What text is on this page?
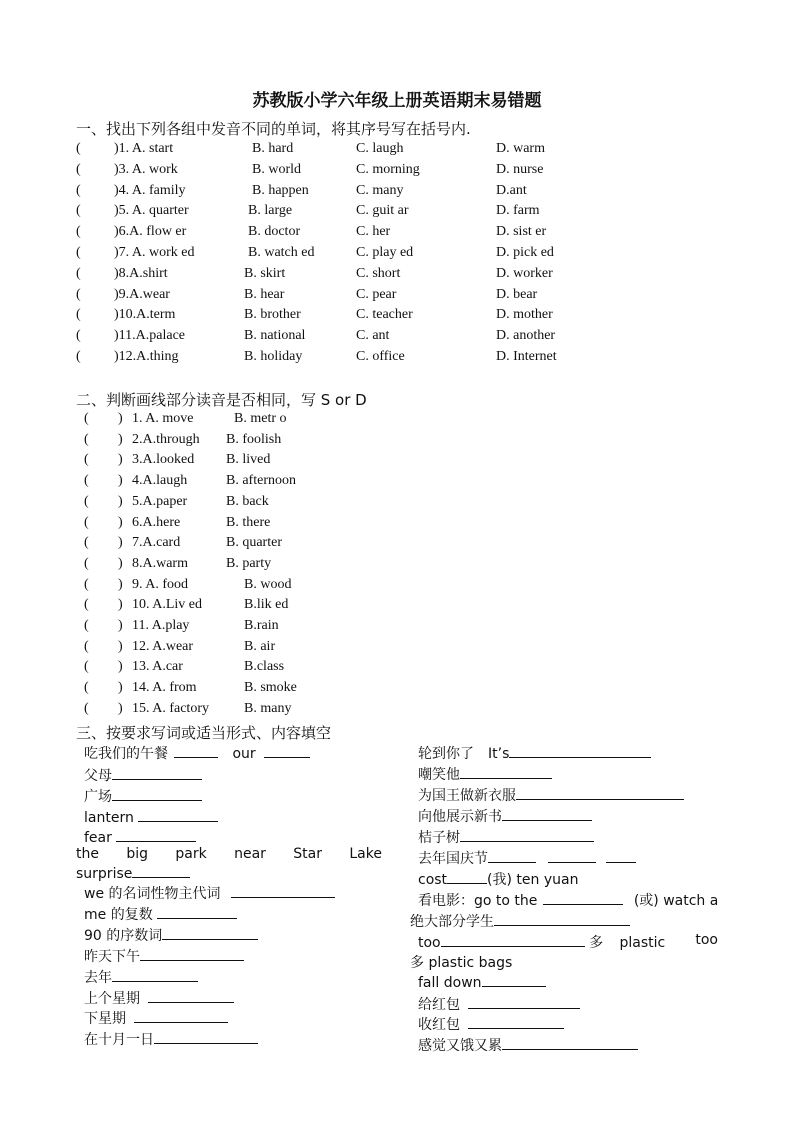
苏教版小学六年级上册英语期末易错题
一、找出下列各组中发音不同的单词，将其序号写在括号内.
( )1. A. start	B. hard	C. laugh	D. warm
( )3. A. work	B. world	C. morning	D. nurse
( )4. A. family	B. happen	C. many	D.ant
( )5. A. quarter	B. large	C. guit ar	D. farm
( )6.A. flow er	B. doctor	C. her	D. sist er
( )7. A. work ed	B. watch ed	C. play ed	D. pick ed
( )8.A.shirt	B. skirt	C. short	D. worker
( )9.A.wear	B. hear	C. pear	D. bear
( )10.A.term	B. brother	C. teacher	D. mother
( )11.A.palace	B. national	C. ant	D. another
( )12.A.thing	B. holiday	C. office	D. Internet
二、判断画线部分读音是否相同，写 S or D
( ) 1. A. move	B. metr o
( ) 2.A.through B. foolish
( ) 3.A.looked B. lived
( ) 4.A.laugh	B. afternoon
( ) 5.A.paper	B. back
( ) 6.A.here	B. there
( ) 7.A.card	B. quarter
( ) 8.A.warm	B. party
( ) 9. A. food	B. wood
( ) 10. A.Liv ed	B.lik ed
( ) 11. A.play	B.rain
( ) 12. A.wear	B. air
( ) 13. A.car	B.class
( ) 14. A. from	B. smoke
( ) 15. A. factory	B. many
三、按要求写词或适当形式、内容填空
吃我们的午餐	our
父母
广场
lantern
fear
the big park near Star Lake
surprise
we 的名词性物主代词
me 的复数
90 的序数词
昨天下午
去年
上个星期
下星期
在十月一日
轮到你了 It’s
嘲笑他
为国王做新衣服
向他展示新书
桔子树
去年国庆节
cost	(我) ten yuan
看电影：go to the	(或) watch a
绝大部分学生
too	多 plastic too
多 plastic bags
fall down
给红包
收红包
感觉又饿又累
